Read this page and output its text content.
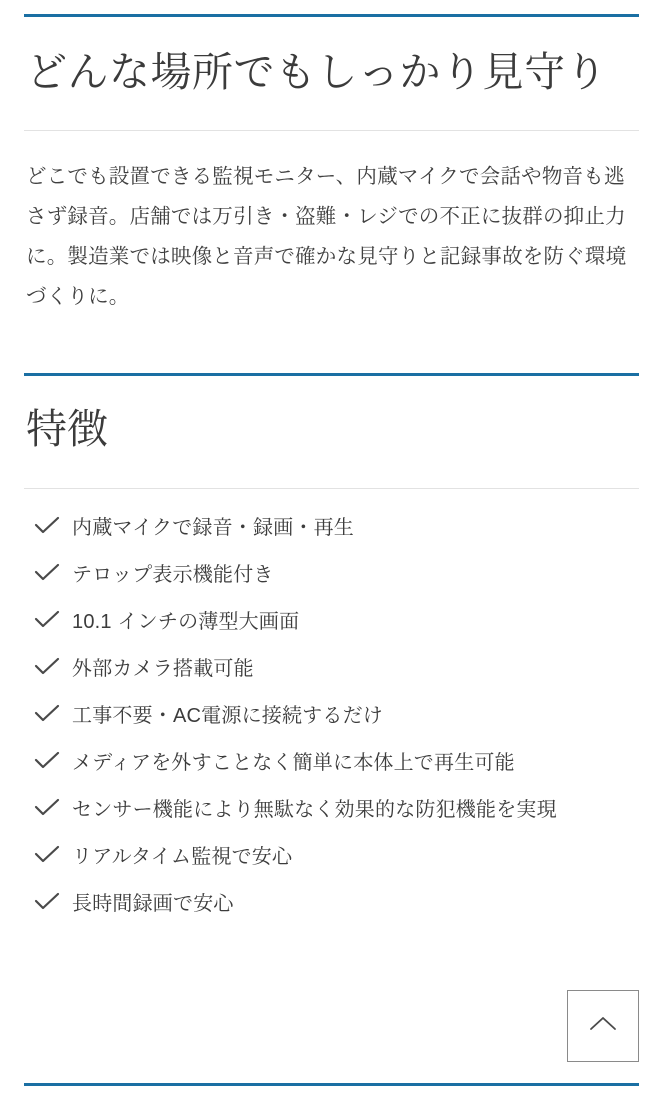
どんな場所でもしっかり見守り

どこでも設置できる監視モニター、内蔵マイクで会話や物音も逃さず録音。店舗では万引き・盗難・レジでの不正に抜群の抑止力に。製造業では映像と音声で確かな見守りと記録事故を防ぐ環境づくりに。

特徴
内蔵マイクで録音・録画・再生
テロップ表示機能付き
10.1 インチの薄型大画面
外部カメラ搭載可能
工事不要・AC電源に接続するだけ
メディアを外すことなく簡単に本体上で再生可能
センサー機能により無駄なく効果的な防犯機能を実現
リアルタイム監視で安心
長時間録画で安心
